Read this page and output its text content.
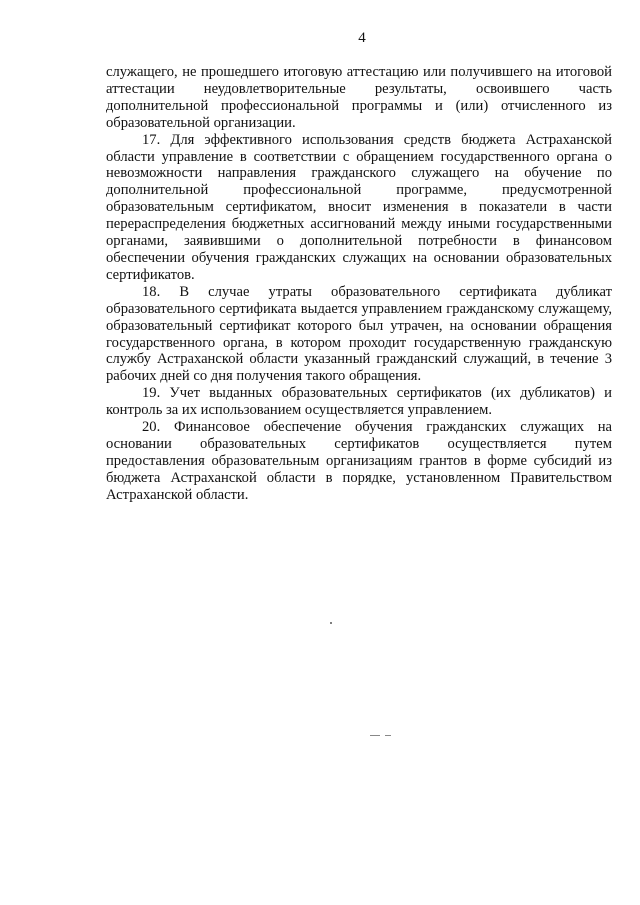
4

служащего, не прошедшего итоговую аттестацию или получившего на итоговой аттестации неудовлетворительные результаты, освоившего часть дополнительной профессиональной программы и (или) отчисленного из образовательной организации.

17. Для эффективного использования средств бюджета Астраханской области управление в соответствии с обращением государственного органа о невозможности направления гражданского служащего на обучение по дополнительной профессиональной программе, предусмотренной образовательным сертификатом, вносит изменения в показатели в части перераспределения бюджетных ассигнований между иными государственными органами, заявившими о дополнительной потребности в финансовом обеспечении обучения гражданских служащих на основании образовательных сертификатов.

18. В случае утраты образовательного сертификата дубликат образовательного сертификата выдается управлением гражданскому служащему, образовательный сертификат которого был утрачен, на основании обращения государственного органа, в котором проходит государственную гражданскую службу Астраханской области указанный гражданский служащий, в течение 3 рабочих дней со дня получения такого обращения.

19. Учет выданных образовательных сертификатов (их дубликатов) и контроль за их использованием осуществляется управлением.

20. Финансовое обеспечение обучения гражданских служащих на основании образовательных сертификатов осуществляется путем предоставления образовательным организациям грантов в форме субсидий из бюджета Астраханской области в порядке, установленном Правительством Астраханской области.
